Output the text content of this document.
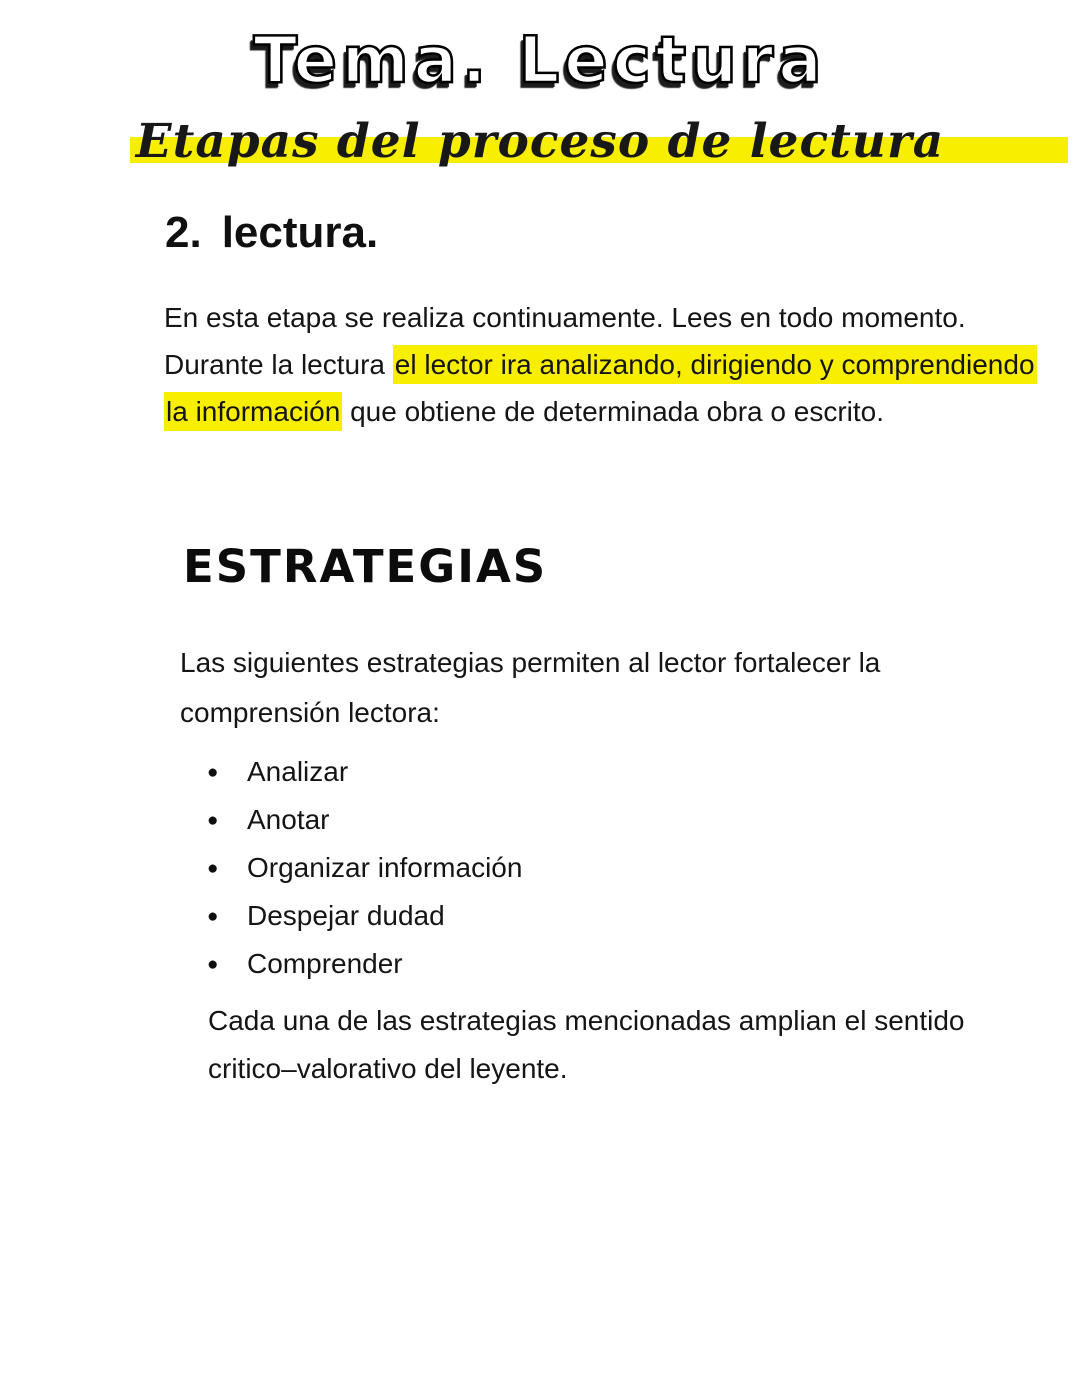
Tema. Lectura
Etapas del proceso de lectura
2. lectura.

En esta etapa se realiza continuamente. Lees en todo momento. Durante la lectura el lector ira analizando, dirigiendo y comprendiendo la información que obtiene de determinada obra o escrito.

ESTRATEGIAS

Las siguientes estrategias permiten al lector fortalecer la comprensión lectora:

● Analizar
● Anotar
● Organizar información
● Despejar dudad
● Comprender

Cada una de las estrategias mencionadas amplian el sentido critico–valorativo del leyente.
